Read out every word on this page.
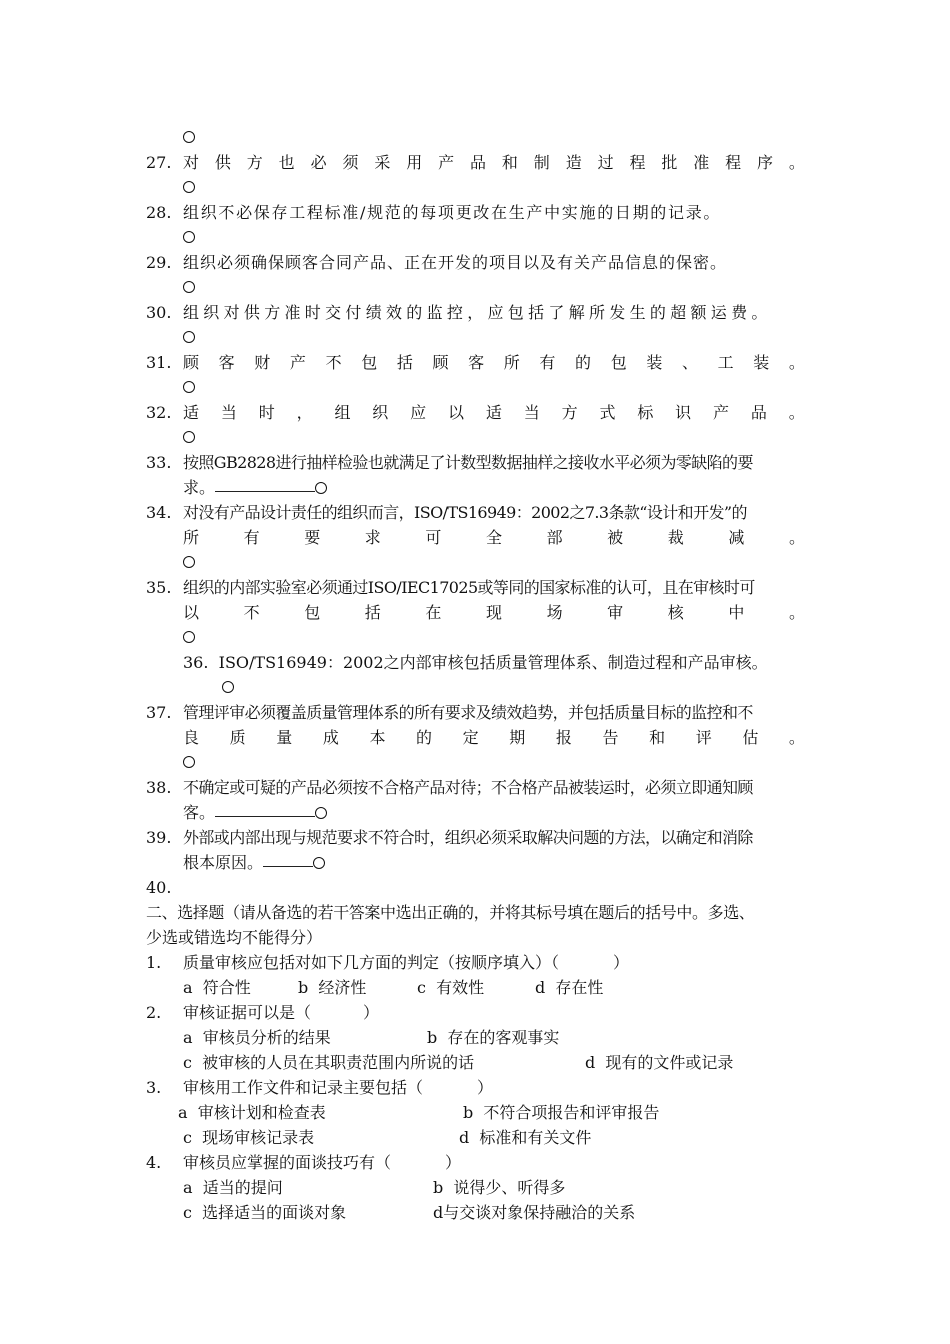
27. 对 供 方 也 必 须 采 用 产 品 和 制 造 过 程 批 准 程 序 。
28. 组织不必保存工程标准/规范的每项更改在生产中实施的日期的记录。
29. 组织必须确保顾客合同产品、正在开发的项目以及有关产品信息的保密。
30. 组织对供方准时交付绩效的监控，应包括了解所发生的超额运费。
31. 顾 客 财 产 不 包 括 顾 客 所 有 的 包 装 、 工 装 。
32. 适 当 时 ， 组 织 应 以 适 当 方 式 标 识 产 品 。
33. 按照GB2828进行抽样检验也就满足了计数型数据抽样之接收水平必须为零缺陷的要
求。
34. 对没有产品设计责任的组织而言，ISO/TS16949：2002之7.3条款“设计和开发”的
所	有	要	求	可	全	部	被	裁	减	。
35. 组织的内部实验室必须通过ISO/IEC17025或等同的国家标准的认可，且在审核时可
以	不	包	括	在	现	场	审	核	中	。
36.  ISO/TS16949：2002之内部审核包括质量管理体系、制造过程和产品审核。
37. 管理评审必须覆盖质量管理体系的所有要求及绩效趋势，并包括质量目标的监控和不
良 质 量 成 本 的 定 期 报 告 和 评 估 。
38. 不确定或可疑的产品必须按不合格产品对待；不合格产品被装运时，必须立即通知顾
客。
39. 外部或内部出现与规范要求不符合时，组织必须采取解决问题的方法，以确定和消除
根本原因。
40.
二、选择题（请从备选的若干答案中选出正确的，并将其标号填在题后的括号中。多选、
少选或错选均不能得分）
1. 质量审核应包括对如下几方面的判定（按顺序填入）（	）
a  符合性	b  经济性	c  有效性	d  存在性
2. 审核证据可以是（	）
a  审核员分析的结果	b  存在的客观事实
c  被审核的人员在其职责范围内所说的话	d  现有的文件或记录
3. 审核用工作文件和记录主要包括（	）
a  审核计划和检查表	b  不符合项报告和评审报告
c  现场审核记录表	d  标准和有关文件
4. 审核员应掌握的面谈技巧有（	）
a  适当的提问	b  说得少、听得多
c  选择适当的面谈对象	d与交谈对象保持融洽的关系
